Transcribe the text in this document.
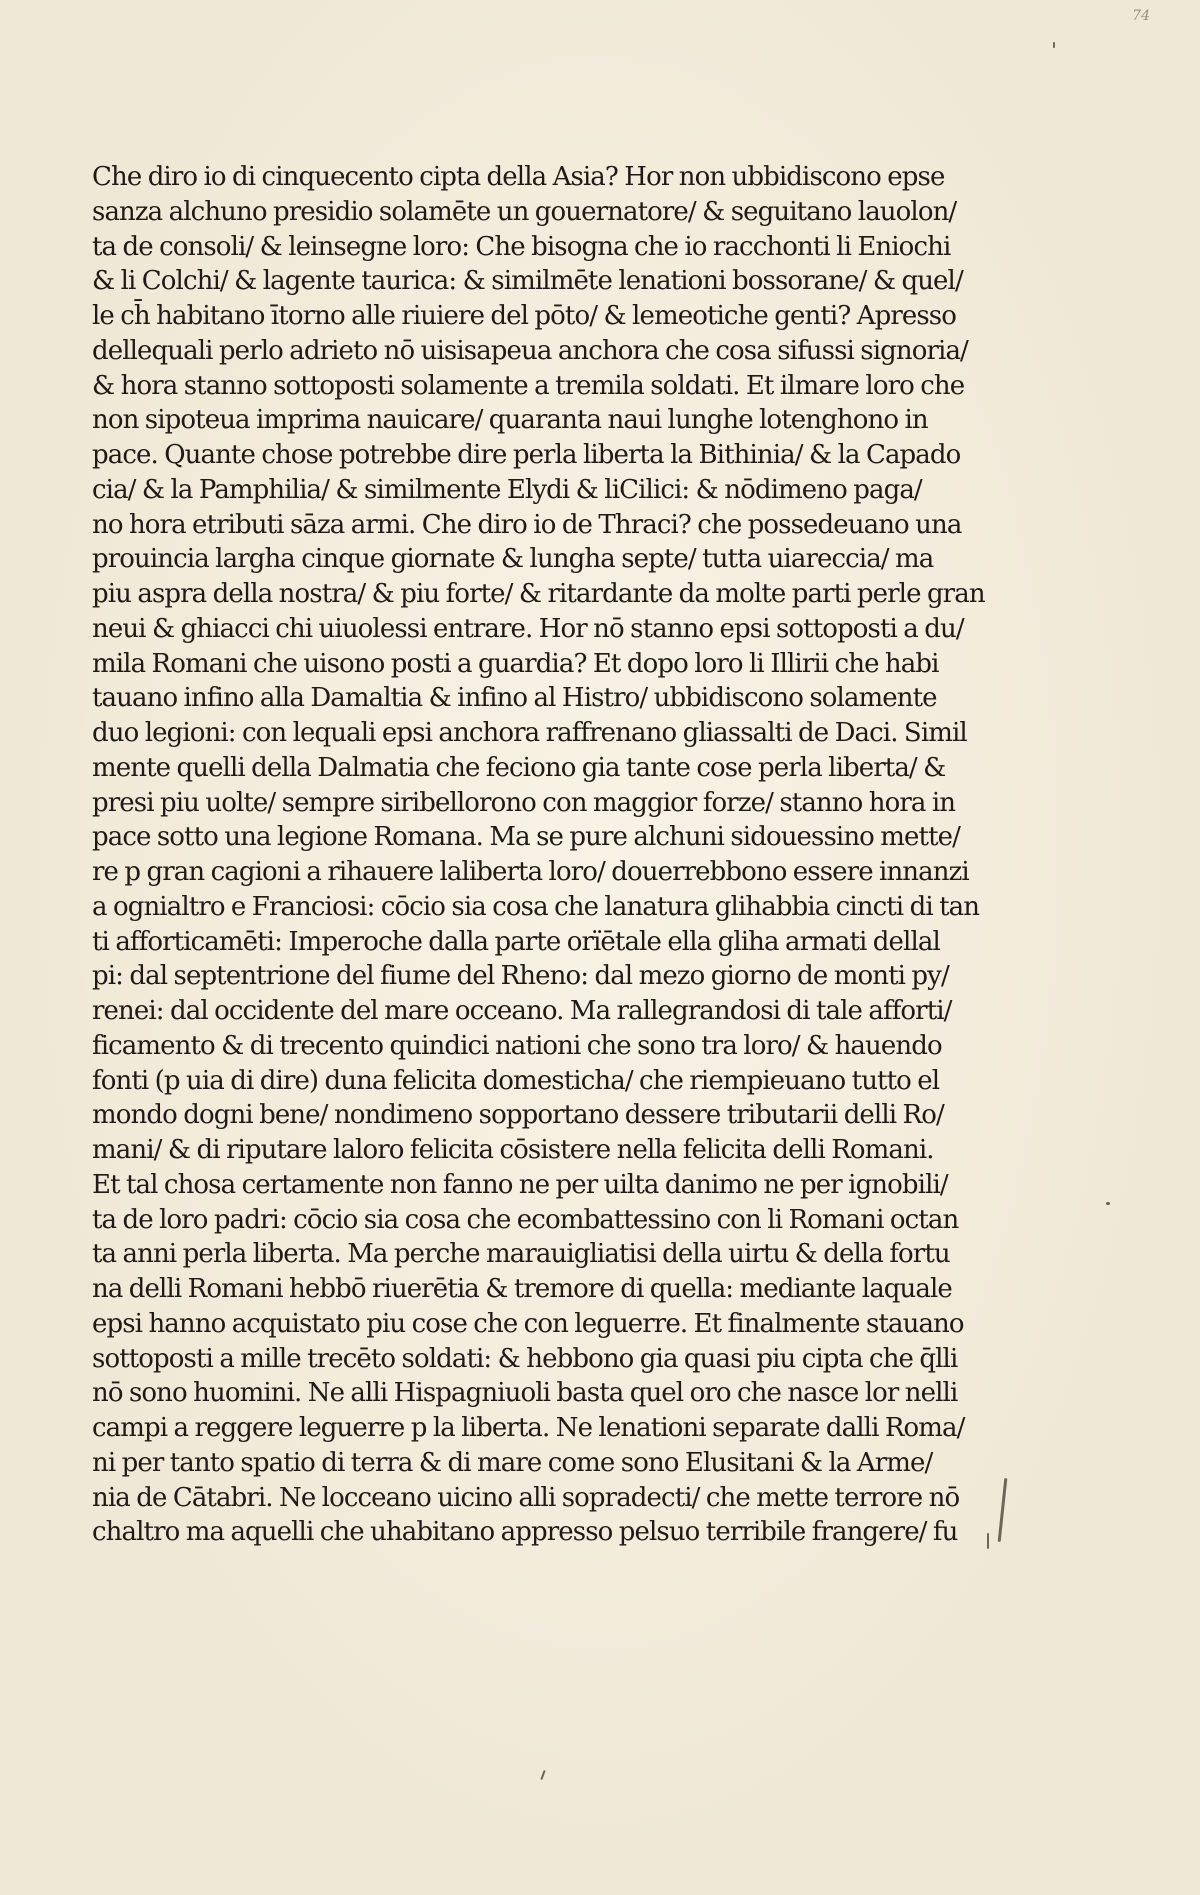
74
Che diro io di cinquecento cipta della Asia? Hor non ubbidiscono epse
sanza alchuno presidio solamēte un gouernatore/ & seguitano lauolon/
ta de consoli/ & leinsegne loro: Che bisogna che io racchonti li Eniochi
& li Colchi/ & lagente taurica: & similmēte lenationi bossorane/ & quel/
le ch̄ habitano ītorno alle riuiere del pōto/ & lemeotiche genti? Apresso
dellequali perlo adrieto nō uisisapeua anchora che cosa sifussi signoria/
& hora stanno sottoposti solamente a tremila soldati. Et ilmare loro che
non sipoteua imprima nauicare/ quaranta naui lunghe lotenghono in
pace. Quante chose potrebbe dire perla liberta la Bithinia/ & la Capado
cia/ & la Pamphilia/ & similmente Elydi & liCilici: & nōdimeno paga/
no hora etributi sāza armi. Che diro io de Thraci? che possedeuano una
prouincia largha cinque giornate & lungha septe/ tutta uiareccia/ ma
piu aspra della nostra/ & piu forte/ & ritardante da molte parti perle gran
neui & ghiacci chi uiuolessi entrare. Hor nō stanno epsi sottoposti a du/
mila Romani che uisono posti a guardia? Et dopo loro li Illirii che habi
tauano infino alla Damaltia & infino al Histro/ ubbidiscono solamente
duo legioni: con lequali epsi anchora raffrenano gliassalti de Daci. Simil
mente quelli della Dalmatia che feciono gia tante cose perla liberta/ &
presi piu uolte/ sempre siribellorono con maggior forze/ stanno hora in
pace sotto una legione Romana. Ma se pure alchuni sidouessino mette/
re p gran cagioni a rihauere laliberta loro/ douerrebbono essere innanzi
a ognialtro e Franciosi: cōcio sia cosa che lanatura glihabbia cincti di tan
ti afforticamēti: Imperoche dalla parte orïētale ella gliha armati dellal
pi: dal septentrione del fiume del Rheno: dal mezo giorno de monti py/
renei: dal occidente del mare occeano. Ma rallegrandosi di tale afforti/
ficamento & di trecento quindici nationi che sono tra loro/ & hauendo
fonti (p uia di dire) duna felicita domesticha/ che riempieuano tutto el
mondo dogni bene/ nondimeno sopportano dessere tributarii delli Ro/
mani/ & di riputare laloro felicita cōsistere nella felicita delli Romani.
Et tal chosa certamente non fanno ne per uilta danimo ne per ignobili/
ta de loro padri: cōcio sia cosa che ecombattessino con li Romani octan
ta anni perla liberta. Ma perche marauigliatisi della uirtu & della fortu
na delli Romani hebbō riuerētia & tremore di quella: mediante laquale
epsi hanno acquistato piu cose che con leguerre. Et finalmente stauano
sottoposti a mille trecēto soldati: & hebbono gia quasi piu cipta che q̄lli
nō sono huomini. Ne alli Hispagniuoli basta quel oro che nasce lor nelli
campi a reggere leguerre p la liberta. Ne lenationi separate dalli Roma/
ni per tanto spatio di terra & di mare come sono Elusitani & la Arme/
nia de Cātabri. Ne locceano uicino alli sopradecti/ che mette terrore nō
chaltro ma aquelli che uhabitano appresso pelsuo terribile frangere/ fu
